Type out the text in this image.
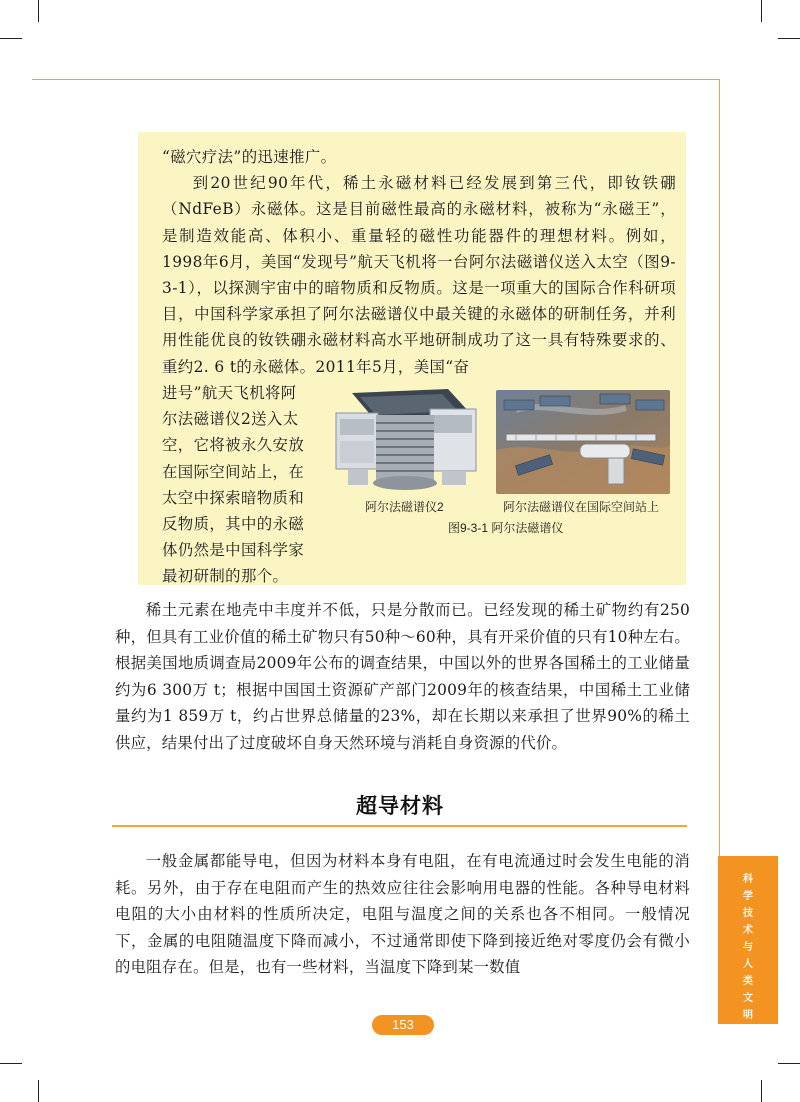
“磁穴疗法”的迅速推广。

到20世纪90年代，稀土永磁材料已经发展到第三代，即钕铁硼（NdFeB）永磁体。这是目前磁性最高的永磁材料，被称为“永磁王”，是制造效能高、体积小、重量轻的磁性功能器件的理想材料。例如，1998年6月，美国“发现号”航天飞机将一台阿尔法磁谱仪送入太空（图9-3-1），以探测宇宙中的暗物质和反物质。这是一项重大的国际合作科研项目，中国科学家承担了阿尔法磁谱仪中最关键的永磁体的研制任务，并利用性能优良的钕铁硼永磁材料高水平地研制成功了这一具有特殊要求的、重约2. 6 t的永磁体。2011年5月，美国“奋

进号”航天飞机将阿

尔法磁谱仪2送入太

空，它将被永久安放

在国际空间站上，在

太空中探索暗物质和

反物质，其中的永磁

体仍然是中国科学家

最初研制的那个。

阿尔法磁谱仪2	阿尔法磁谱仪在国际空间站上
图9-3-1 阿尔法磁谱仪

稀土元素在地壳中丰度并不低，只是分散而已。已经发现的稀土矿物约有250种，但具有工业价值的稀土矿物只有50种～60种，具有开采价值的只有10种左右。根据美国地质调查局2009年公布的调查结果，中国以外的世界各国稀土的工业储量约为6 300万 t；根据中国国土资源矿产部门2009年的核查结果，中国稀土工业储量约为1 859万 t，约占世界总储量的23%，却在长期以来承担了世界90%的稀土供应，结果付出了过度破坏自身天然环境与消耗自身资源的代价。

超导材料

一般金属都能导电，但因为材料本身有电阻，在有电流通过时会发生电能的消耗。另外，由于存在电阻而产生的热效应往往会影响用电器的性能。各种导电材料电阻的大小由材料的性质所决定，电阻与温度之间的关系也各不相同。一般情况下，金属的电阻随温度下降而减小，不过通常即使下降到接近绝对零度仍会有微小的电阻存在。但是，也有一些材料，当温度下降到某一数值

科
学
技
术
与
人
类
文
明
153
